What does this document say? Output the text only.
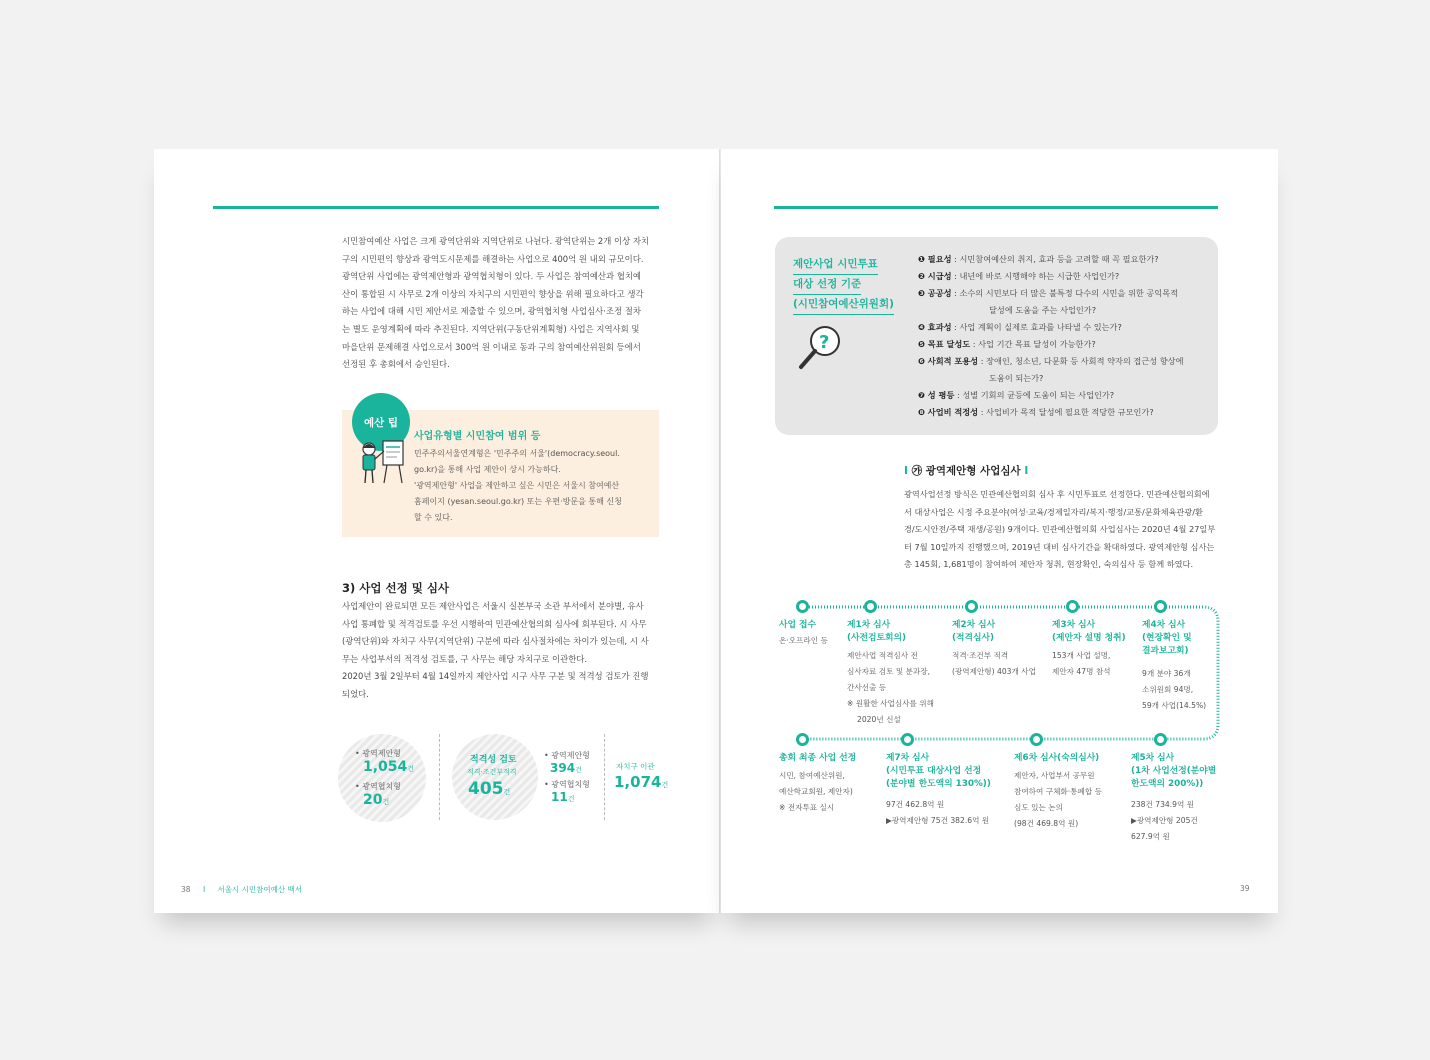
시민참여예산 사업은 크게 광역단위와 지역단위로 나뉜다. 광역단위는 2개 이상 자치
구의 시민편익 향상과 광역도시문제를 해결하는 사업으로 400억 원 내외 규모이다.
광역단위 사업에는 광역제안형과 광역협치형이 있다. 두 사업은 참여예산과 협치예
산이 통합된 시 사무로 2개 이상의 자치구의 시민편익 향상을 위해 필요하다고 생각
하는 사업에 대해 시민 제안서로 제출할 수 있으며, 광역협치형 사업심사·조정 절차
는 별도 운영계획에 따라 추진된다. 지역단위(구동단위계획형) 사업은 지역사회 및
마을단위 문제해결 사업으로서 300억 원 이내로 동과 구의 참여예산위원회 등에서
선정된 후 총회에서 승인된다.
예산 팁
사업유형별 시민참여 범위 등
민주주의서울연계형은 '민주주의 서울'(democracy.seoul.
go.kr)을 통해 사업 제안이 상시 가능하다.
'광역제안형' 사업을 제안하고 싶은 시민은 서울시 참여예산
홈페이지 (yesan.seoul.go.kr) 또는 우편·방문을 통해 신청
할 수 있다.
3) 사업 선정 및 심사
사업제안이 완료되면 모든 제안사업은 서울시 실본부국 소관 부서에서 분야별, 유사
사업 통폐합 및 적격검토를 우선 시행하여 민관예산협의회 심사에 회부된다. 시 사무
(광역단위)와 자치구 사무(지역단위) 구분에 따라 심사절차에는 차이가 있는데, 시 사
무는 사업부서의 적격성 검토를, 구 사무는 해당 자치구로 이관한다.
2020년 3월 2일부터 4월 14일까지 제안사업 시구 사무 구분 및 적격성 검토가 진행
되었다.
• 광역제안형
1,054건
• 광역협치형
20건
적격성 검토
적격·조건부적격
405건
• 광역제안형
394건
• 광역협치형
11건
자치구 이관
1,074건
38 I 서울시 시민참여예산 백서
제안사업 시민투표
대상 선정 기준
(시민참여예산위원회)
?
❶ 필요성 : 시민참여예산의 취지, 효과 등을 고려할 때 꼭 필요한가?
❷ 시급성 : 내년에 바로 시행해야 하는 시급한 사업인가?
❸ 공공성 : 소수의 시민보다 더 많은 불특정 다수의 시민을 위한 공익목적
달성에 도움을 주는 사업인가?
❹ 효과성 : 사업 계획이 실제로 효과를 나타낼 수 있는가?
❺ 목표 달성도 : 사업 기간 목표 달성이 가능한가?
❻ 사회적 포용성 : 장애인, 청소년, 다문화 등 사회적 약자의 접근성 향상에
도움이 되는가?
❼ 성 평등 : 성별 기회의 균등에 도움이 되는 사업인가?
❽ 사업비 적정성 : 사업비가 목적 달성에 필요한 적당한 규모인가?
I ㉮ 광역제안형 사업심사 I
광역사업선정 방식은 민관예산협의회 심사 후 시민투표로 선정한다. 민관예산협의회에
서 대상사업은 시정 주요분야(여성·교육/경제일자리/복지·행정/교통/문화체육관광/환
경/도시안전/주택 재생/공원) 9개이다. 민관예산협의회 사업심사는 2020년 4월 27일부
터 7월 10일까지 진행했으며, 2019년 대비 심사기간을 확대하였다. 광역제안형 심사는
총 145회, 1,681명이 참여하여 제안자 청취, 현장확인, 숙의심사 등 함께 하였다.
사업 접수
온·오프라인 등
제1차 심사
(사전검토회의)
제안사업 적격심사 전
심사자료 검토 및 분과장,
간사선출 등
※ 원활한 사업심사를 위해
2020년 신설
제2차 심사
(적격심사)
적격·조건부 적격
(광역제안형) 403개 사업
제3차 심사
(제안자 설명 청취)
153개 사업 설명,
제안자 47명 참석
제4차 심사
(현장확인 및
결과보고회)
9개 분야 36개
소위원회 94명,
59개 사업(14.5%)
총회 최종 사업 선정
시민, 참여예산위원,
예산학교회원, 제안자)
※ 전자투표 실시
제7차 심사
(시민투표 대상사업 선정
(분야별 한도액의 130%))
97건 462.8억 원
▶광역제안형 75건 382.6억 원
제6차 심사(숙의심사)
제안자, 사업부서 공무원
참여하여 구체화·통폐합 등
심도 있는 논의
(98건 469.8억 원)
제5차 심사
(1차 사업선정(분야별
한도액의 200%))
238건 734.9억 원
▶광역제안형 205건
627.9억 원
39
